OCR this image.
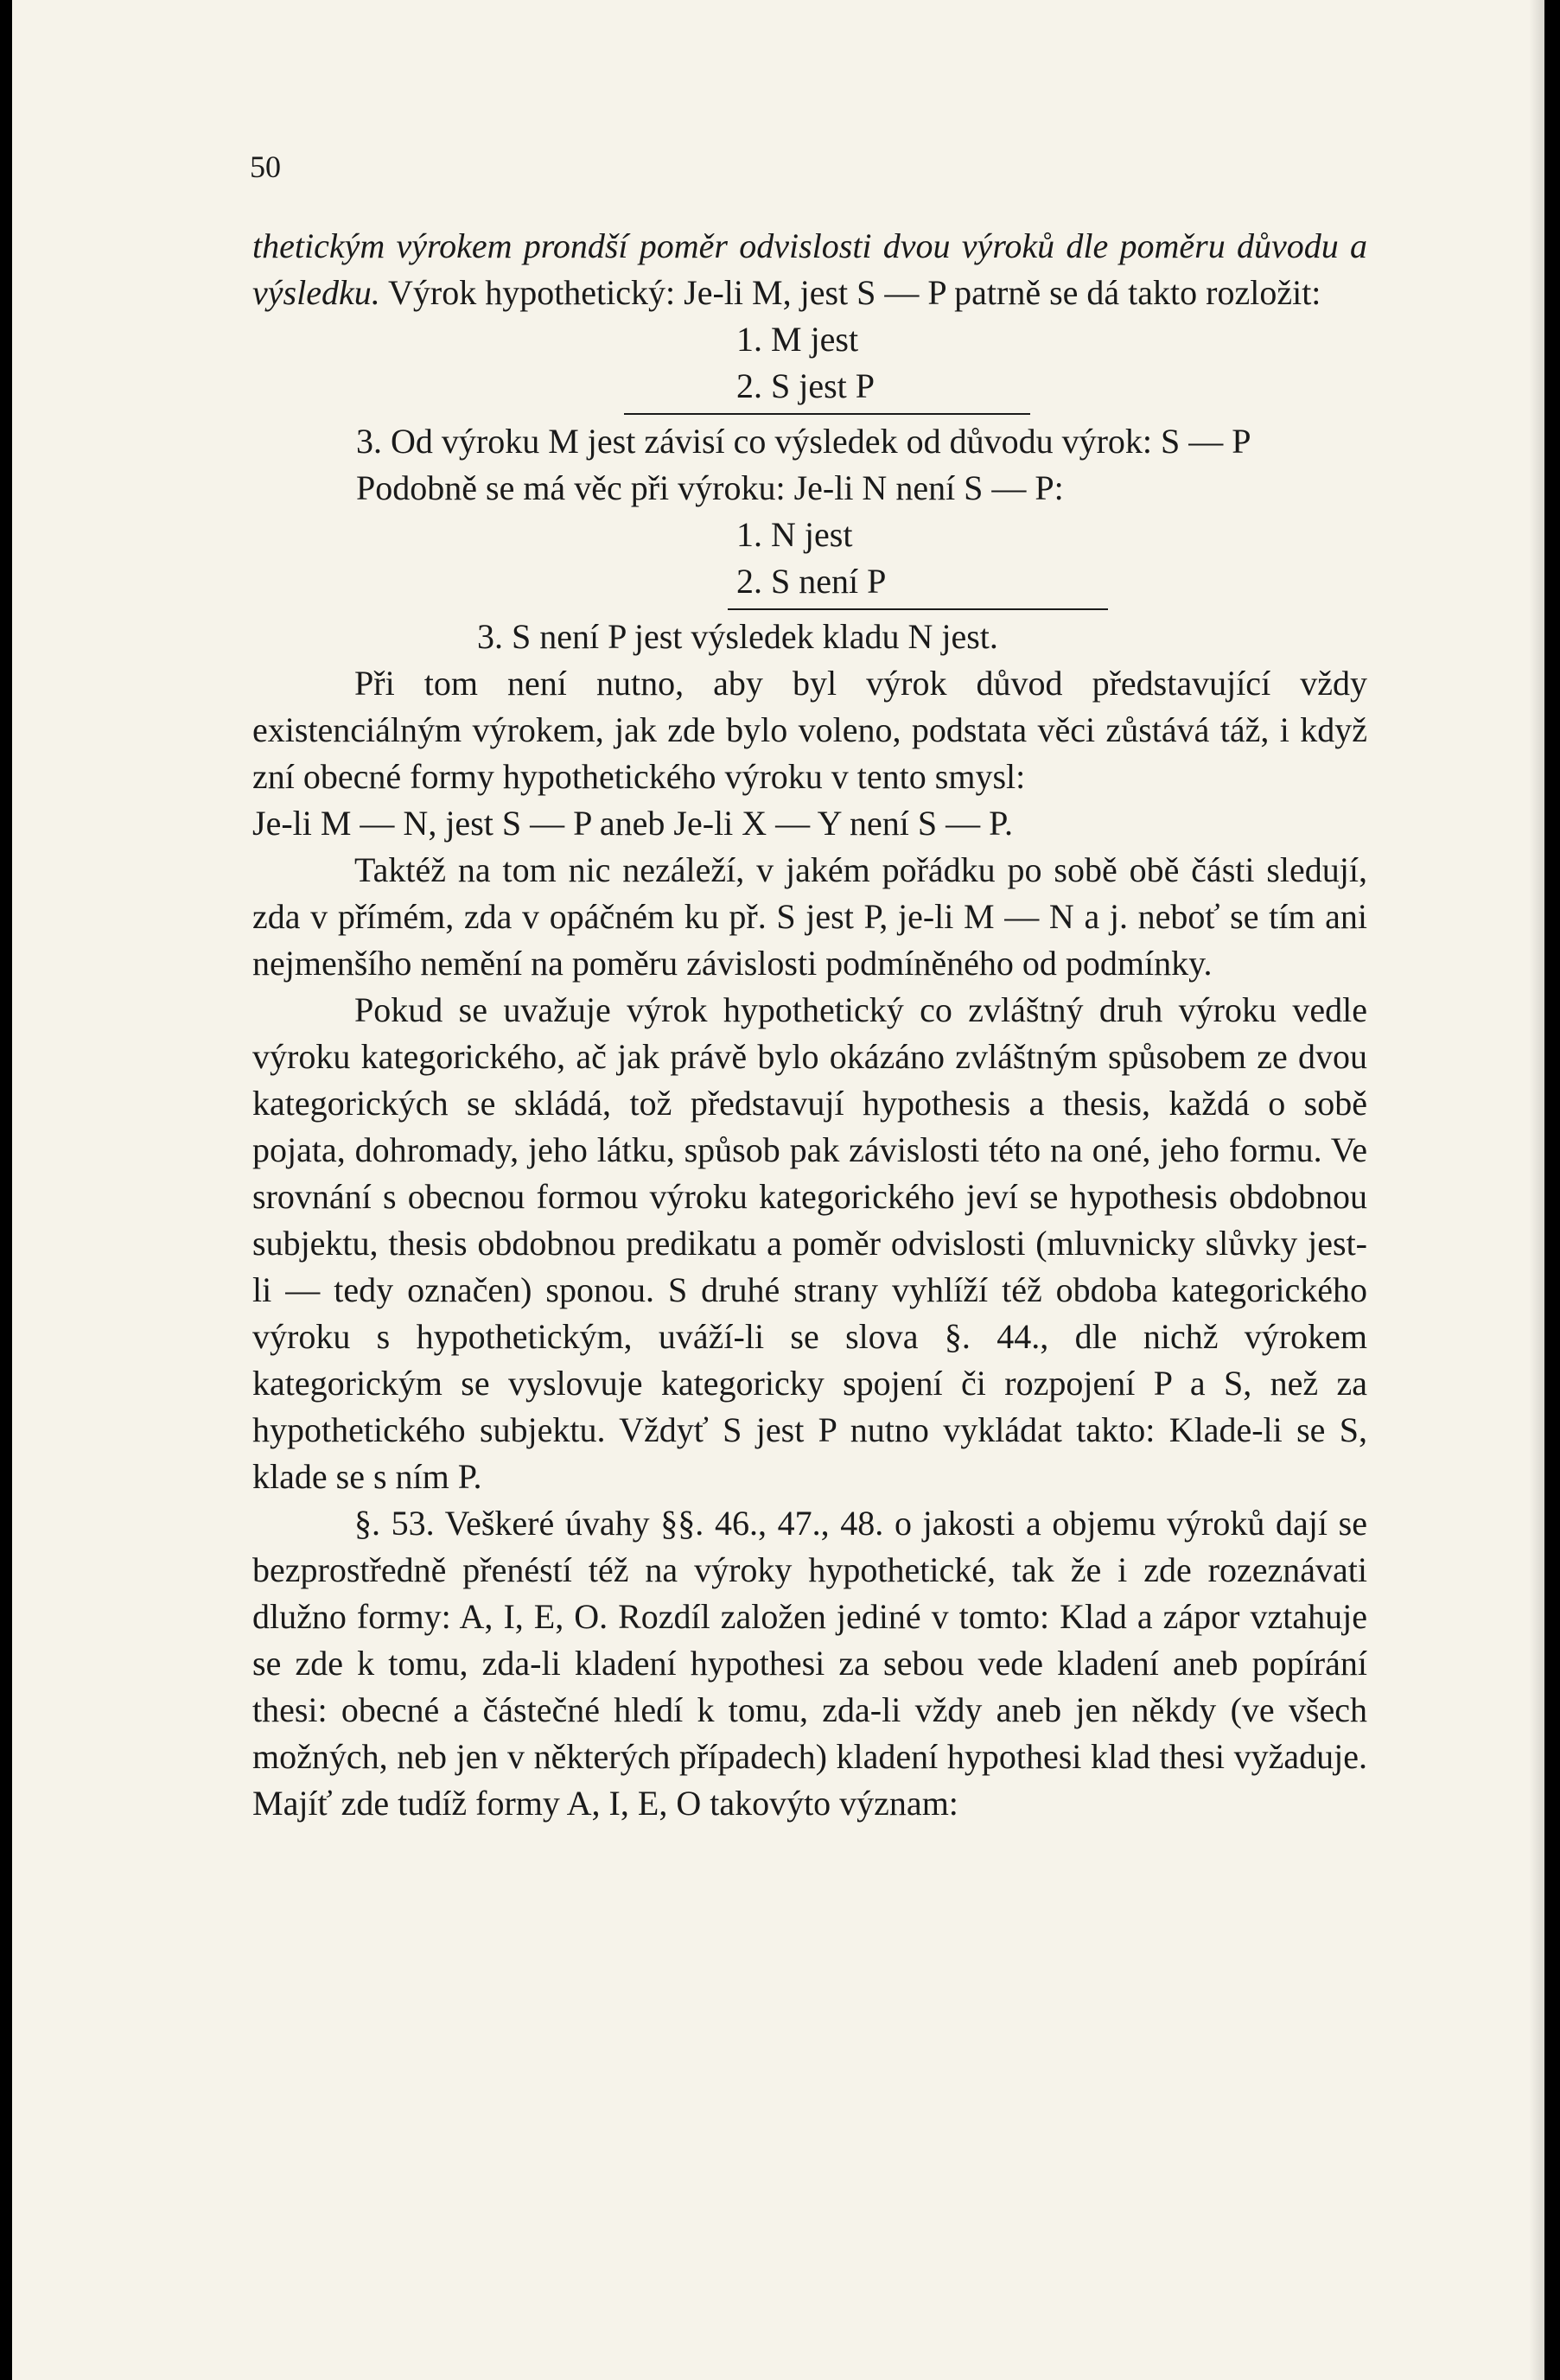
50

thetickým výrokem prondší poměr odvislosti dvou výroků dle poměru důvodu a výsledku. Výrok hypothetický: Je-li M, jest S — P patrně se dá takto rozložit:

1. M jest
2. S jest P
3. Od výroku M jest závisí co výsledek od důvodu výrok: S — P
Podobně se má věc při výroku: Je-li N není S — P:
1. N jest
2. S není P
3. S není P jest výsledek kladu N jest.

Při tom není nutno, aby byl výrok důvod představující vždy existenciálným výrokem, jak zde bylo voleno, podstata věci zůstává táž, i když zní obecné formy hypothetického výroku v tento smysl:

Je-li M — N, jest S — P aneb Je-li X — Y není S — P.

Taktéž na tom nic nezáleží, v jakém pořádku po sobě obě části sledují, zda v přímém, zda v opáčném ku př. S jest P, je-li M — N a j. neboť se tím ani nejmenšího nemění na poměru závislosti podmíněného od podmínky.

Pokud se uvažuje výrok hypothetický co zvláštný druh výroku vedle výroku kategorického, ač jak právě bylo okázáno zvláštným spůsobem ze dvou kategorických se skládá, tož představují hypothesis a thesis, každá o sobě pojata, dohromady, jeho látku, spůsob pak závislosti této na oné, jeho formu. Ve srovnání s obecnou formou výroku kategorického jeví se hypothesis obdobnou subjektu, thesis obdobnou predikatu a poměr odvislosti (mluvnicky slůvky jest-li — tedy označen) sponou. S druhé strany vyhlíží též obdoba kategorického výroku s hypothetickým, uváží-li se slova §. 44., dle nichž výrokem kategorickým se vyslovuje kategoricky spojení či rozpojení P a S, než za hypothetického subjektu. Vždyť S jest P nutno vykládat takto: Klade-li se S, klade se s ním P.

§. 53. Veškeré úvahy §§. 46., 47., 48. o jakosti a objemu výroků dají se bezprostředně přenéstí též na výroky hypothetické, tak že i zde rozeznávati dlužno formy: A, I, E, O. Rozdíl založen jediné v tomto: Klad a zápor vztahuje se zde k tomu, zda-li kladení hypothesi za sebou vede kladení aneb popírání thesi: obecné a částečné hledí k tomu, zda-li vždy aneb jen někdy (ve všech možných, neb jen v některých případech) kladení hypothesi klad thesi vyžaduje. Majíť zde tudíž formy A, I, E, O takovýto význam:
